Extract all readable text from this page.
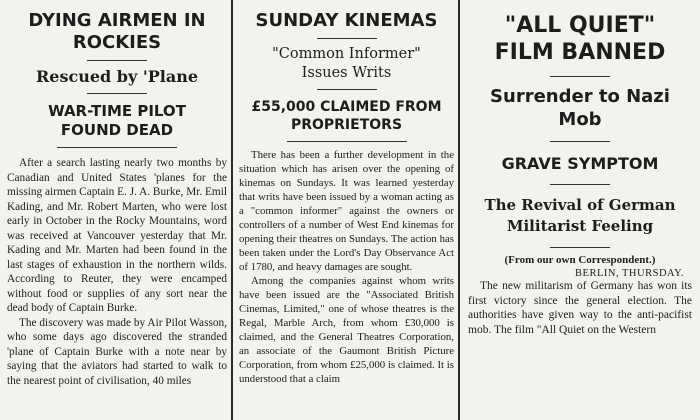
DYING AIRMEN IN ROCKIES
Rescued by 'Plane
WAR-TIME PILOT FOUND DEAD

After a search lasting nearly two months by Canadian and United States 'planes for the missing airmen Captain E. J. A. Burke, Mr. Emil Kading, and Mr. Robert Marten, who were lost early in October in the Rocky Mountains, word was received at Vancouver yesterday that Mr. Kading and Mr. Marten had been found in the last stages of exhaustion in the northern wilds. According to Reuter, they were encamped without food or supplies of any sort near the dead body of Captain Burke.

The discovery was made by Air Pilot Wasson, who some days ago discovered the stranded 'plane of Captain Burke with a note near by saying that the aviators had started to walk to the nearest point of civilisation, 40 miles

SUNDAY KINEMAS
"Common Informer" Issues Writs
£55,000 CLAIMED FROM PROPRIETORS

There has been a further development in the situation which has arisen over the opening of kinemas on Sundays. It was learned yesterday that writs have been issued by a woman acting as a "common informer" against the owners or controllers of a number of West End kinemas for opening their theatres on Sundays. The action has been taken under the Lord's Day Observance Act of 1780, and heavy damages are sought.

Among the companies against whom writs have been issued are the "Associated British Cinemas, Limited," one of whose theatres is the Regal, Marble Arch, from whom £30,000 is claimed, and the General Theatres Corporation, an associate of the Gaumont British Picture Corporation, from whom £25,000 is claimed. It is understood that a claim

"ALL QUIET" FILM BANNED
Surrender to Nazi Mob
GRAVE SYMPTOM
The Revival of German Militarist Feeling
(From our own Correspondent.)
BERLIN, THURSDAY.

The new militarism of Germany has won its first victory since the general election. The authorities have given way to the anti-pacifist mob. The film "All Quiet on the Western
